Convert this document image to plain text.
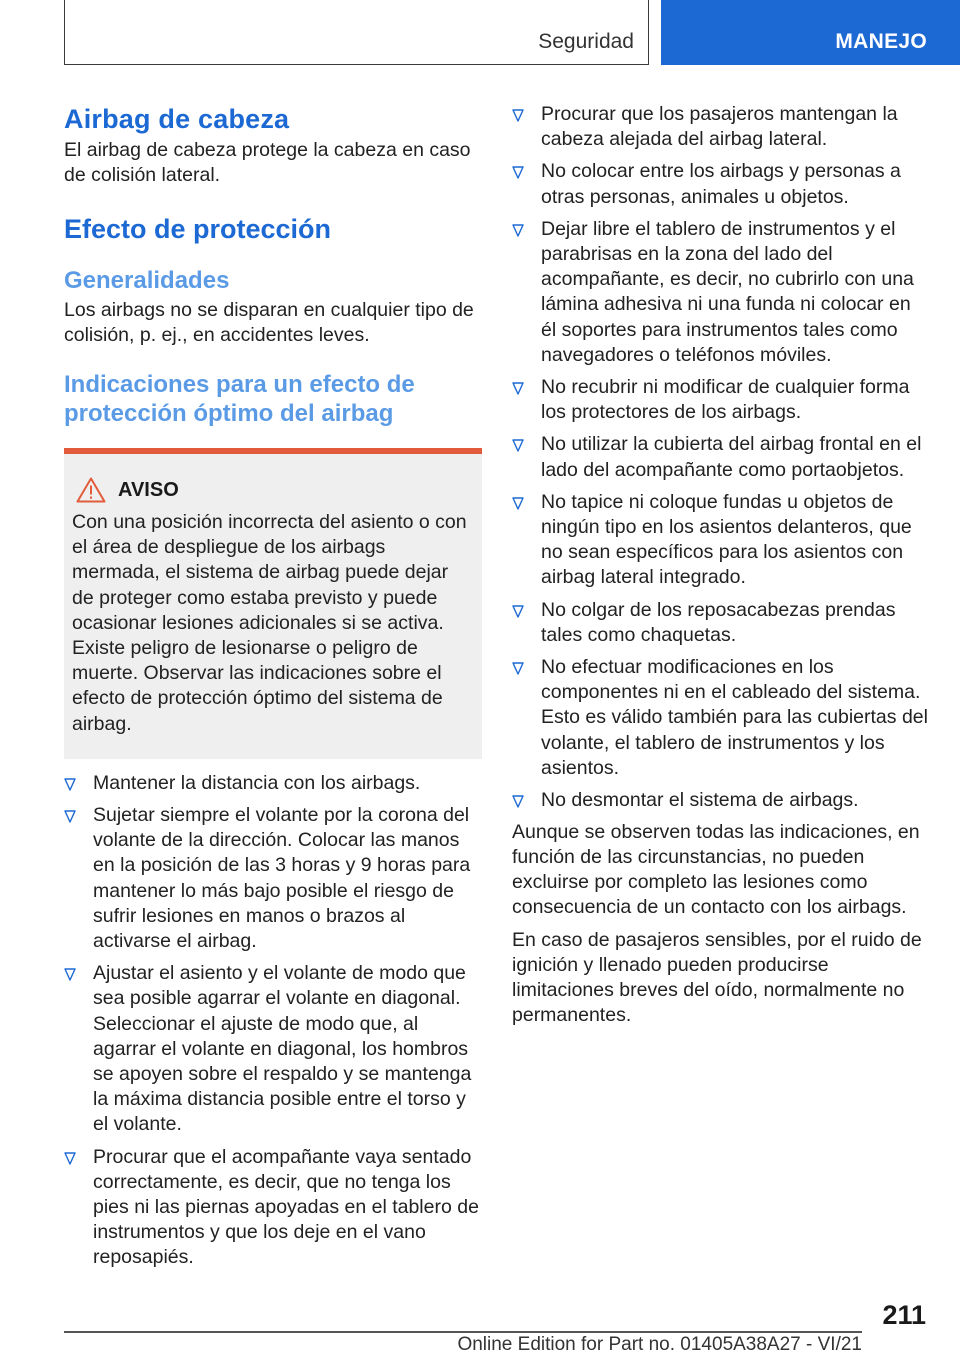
Seguridad	MANEJO
Airbag de cabeza

El airbag de cabeza protege la cabeza en caso de colisión lateral.

Efecto de protección
Generalidades

Los airbags no se disparan en cualquier tipo de colisión, p. ej., en accidentes leves.

Indicaciones para un efecto de protección óptimo del airbag
AVISO

Con una posición incorrecta del asiento o con el área de despliegue de los airbags mermada, el sistema de airbag puede dejar de proteger como estaba previsto y puede ocasionar lesiones adicionales si se activa. Existe peligro de lesionarse o peligro de muerte. Observar las indicaciones sobre el efecto de protección óptimo del sistema de airbag.

Mantener la distancia con los airbags.
Sujetar siempre el volante por la corona del volante de la dirección. Colocar las manos en la posición de las 3 horas y 9 horas para mantener lo más bajo posible el riesgo de sufrir lesiones en manos o brazos al activarse el airbag.
Ajustar el asiento y el volante de modo que sea posible agarrar el volante en diagonal. Seleccionar el ajuste de modo que, al agarrar el volante en diagonal, los hombros se apoyen sobre el respaldo y se mantenga la máxima distancia posible entre el torso y el volante.
Procurar que el acompañante vaya sentado correctamente, es decir, que no tenga los pies ni las piernas apoyadas en el tablero de instrumentos y que los deje en el vano reposapiés.
Procurar que los pasajeros mantengan la cabeza alejada del airbag lateral.
No colocar entre los airbags y personas a otras personas, animales u objetos.
Dejar libre el tablero de instrumentos y el parabrisas en la zona del lado del acompañante, es decir, no cubrirlo con una lámina adhesiva ni una funda ni colocar en él soportes para instrumentos tales como navegadores o teléfonos móviles.
No recubrir ni modificar de cualquier forma los protectores de los airbags.
No utilizar la cubierta del airbag frontal en el lado del acompañante como portaobjetos.
No tapice ni coloque fundas u objetos de ningún tipo en los asientos delanteros, que no sean específicos para los asientos con airbag lateral integrado.
No colgar de los reposacabezas prendas tales como chaquetas.
No efectuar modificaciones en los componentes ni en el cableado del sistema. Esto es válido también para las cubiertas del volante, el tablero de instrumentos y los asientos.
No desmontar el sistema de airbags.

Aunque se observen todas las indicaciones, en función de las circunstancias, no pueden excluirse por completo las lesiones como consecuencia de un contacto con los airbags.

En caso de pasajeros sensibles, por el ruido de ignición y llenado pueden producirse limitaciones breves del oído, normalmente no permanentes.

211
Online Edition for Part no. 01405A38A27 - VI/21
